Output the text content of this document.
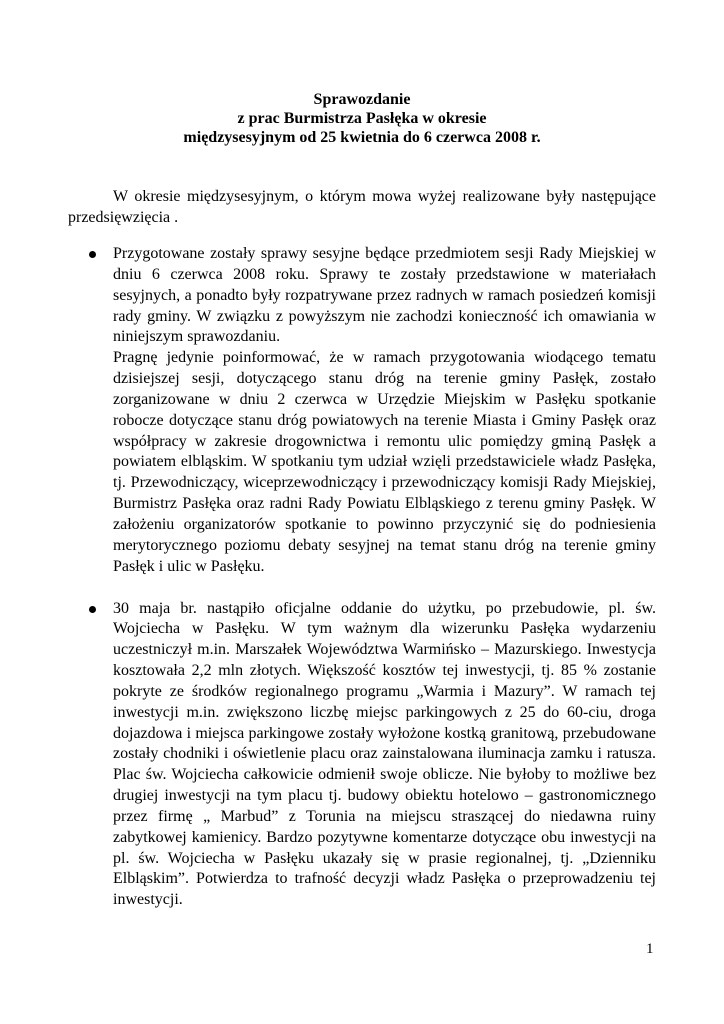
Sprawozdanie
z prac Burmistrza Pasłęka w okresie
międzysesyjnym od 25 kwietnia do 6 czerwca 2008 r.

W okresie międzysesyjnym, o którym mowa wyżej realizowane były następujące przedsięwzięcia .

Przygotowane zostały sprawy sesyjne będące przedmiotem sesji Rady Miejskiej w dniu 6 czerwca 2008 roku. Sprawy te zostały przedstawione w materiałach sesyjnych, a ponadto były rozpatrywane przez radnych w ramach posiedzeń komisji rady gminy. W związku z powyższym nie zachodzi konieczność ich omawiania w niniejszym sprawozdaniu.

Pragnę jedynie poinformować, że w ramach przygotowania wiodącego tematu dzisiejszej sesji, dotyczącego stanu dróg na terenie gminy Pasłęk, zostało zorganizowane w dniu 2 czerwca w Urzędzie Miejskim w Pasłęku spotkanie robocze dotyczące stanu dróg powiatowych na terenie Miasta i Gminy Pasłęk oraz współpracy w zakresie drogownictwa i remontu ulic pomiędzy gminą Pasłęk a powiatem elbląskim. W spotkaniu tym udział wzięli przedstawiciele władz Pasłęka, tj. Przewodniczący, wiceprzewodniczący i przewodniczący komisji Rady Miejskiej, Burmistrz Pasłęka oraz radni Rady Powiatu Elbląskiego z terenu gminy Pasłęk. W założeniu organizatorów spotkanie to powinno przyczynić się do podniesienia merytorycznego poziomu debaty sesyjnej na temat stanu dróg na terenie gminy Pasłęk i ulic w Pasłęku.

30 maja br. nastąpiło oficjalne oddanie do użytku, po przebudowie, pl. św. Wojciecha w Pasłęku. W tym ważnym dla wizerunku Pasłęka wydarzeniu uczestniczył m.in. Marszałek Województwa Warmińsko – Mazurskiego. Inwestycja kosztowała 2,2 mln złotych. Większość kosztów tej inwestycji, tj. 85 % zostanie pokryte ze środków regionalnego programu „Warmia i Mazury”. W ramach tej inwestycji m.in. zwiększono liczbę miejsc parkingowych z 25 do 60-ciu, droga dojazdowa i miejsca parkingowe zostały wyłożone kostką granitową, przebudowane zostały chodniki i oświetlenie placu oraz zainstalowana iluminacja zamku i ratusza. Plac św. Wojciecha całkowicie odmienił swoje oblicze. Nie byłoby to możliwe bez drugiej inwestycji na tym placu tj. budowy obiektu hotelowo – gastronomicznego przez firmę „ Marbud” z Torunia na miejscu straszącej do niedawna ruiny zabytkowej kamienicy. Bardzo pozytywne komentarze dotyczące obu inwestycji na pl. św. Wojciecha w Pasłęku ukazały się w prasie regionalnej, tj. „Dzienniku Elbląskim”. Potwierdza to trafność decyzji władz Pasłęka o przeprowadzeniu tej inwestycji.

1
